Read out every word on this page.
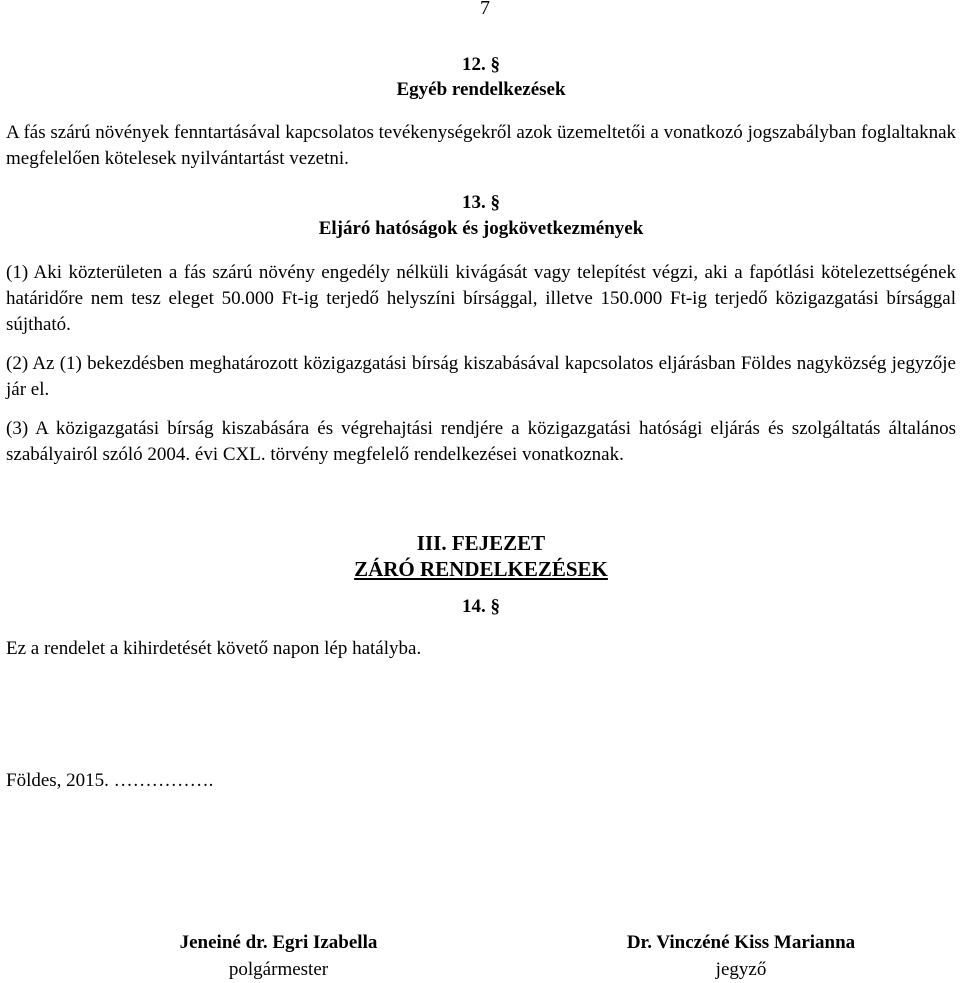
7
12. §
Egyéb rendelkezések
A fás szárú növények fenntartásával kapcsolatos tevékenységekről azok üzemeltetői a vonatkozó jogszabályban foglaltaknak megfelelően kötelesek nyilvántartást vezetni.
13. §
Eljáró hatóságok és jogkövetkezmények
(1) Aki közterületen a fás szárú növény engedély nélküli kivágását vagy telepítést végzi, aki a fapótlási kötelezettségének határidőre nem tesz eleget 50.000 Ft-ig terjedő helyszíni bírsággal, illetve 150.000 Ft-ig terjedő közigazgatási bírsággal sújtható.
(2) Az (1) bekezdésben meghatározott közigazgatási bírság kiszabásával kapcsolatos eljárásban Földes nagyközség jegyzője jár el.
(3) A közigazgatási bírság kiszabására és végrehajtási rendjére a közigazgatási hatósági eljárás és szolgáltatás általános szabályairól szóló 2004. évi CXL. törvény megfelelő rendelkezései vonatkoznak.
III. FEJEZET
ZÁRÓ RENDELKEZÉSEK
14. §
Ez a rendelet a kihirdetését követő napon lép hatályba.
Földes, 2015. …………….
Jeneiné dr. Egri Izabella
polgármester
Dr. Vinczéné Kiss Marianna
jegyző
